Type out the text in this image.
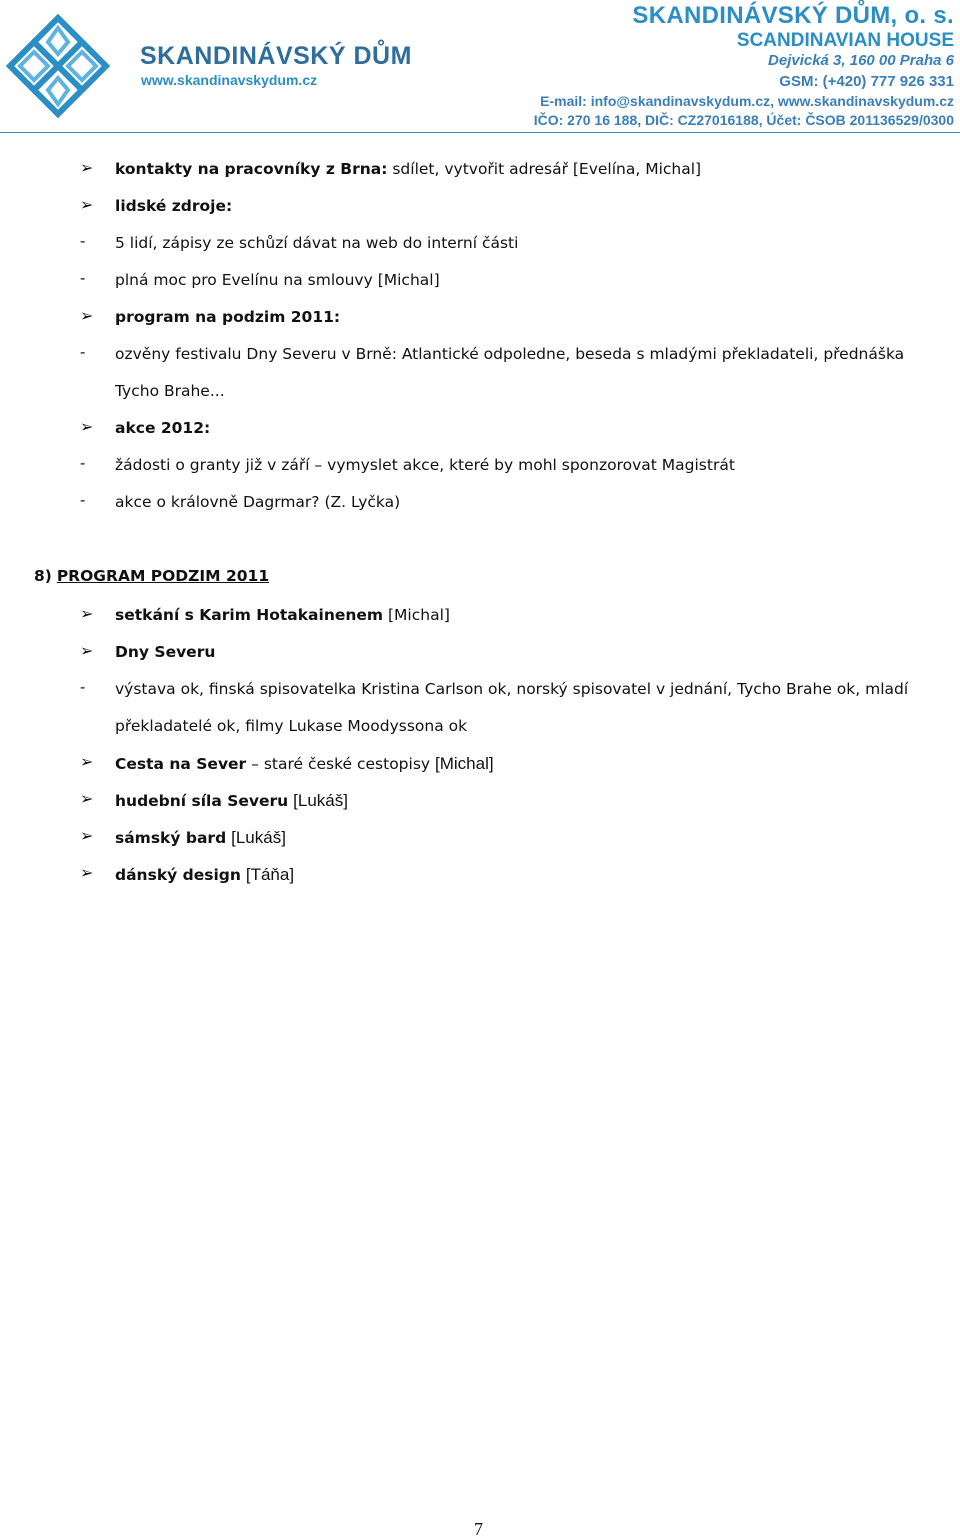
SKANDINÁVSKÝ DŮM
www.skandinavskydum.cz
SKANDINÁVSKÝ DŮM, o. s.
SCANDINAVIAN HOUSE
Dejvická 3, 160 00 Praha 6
GSM: (+420) 777 926 331
E-mail: info@skandinavskydum.cz, www.skandinavskydum.cz
IČO: 270 16 188, DIČ: CZ27016188, Účet: ČSOB 201136529/0300
➢ kontakty na pracovníky z Brna: sdílet, vytvořit adresář [Evelína, Michal]
➢ lidské zdroje:
- 5 lidí, zápisy ze schůzí dávat na web do interní části
- plná moc pro Evelínu na smlouvy [Michal]
➢ program na podzim 2011:
- ozvěny festivalu Dny Severu v Brně: Atlantické odpoledne, beseda s mladými překladateli, přednáška
Tycho Brahe...
➢ akce 2012:
- žádosti o granty již v září – vymyslet akce, které by mohl sponzorovat Magistrát
- akce o královně Dagrmar? (Z. Lyčka)
8) PROGRAM PODZIM 2011
➢ setkání s Karim Hotakainenem [Michal]
➢ Dny Severu
- výstava ok, finská spisovatelka Kristina Carlson ok, norský spisovatel v jednání, Tycho Brahe ok, mladí
překladatelé ok, filmy Lukase Moodyssona ok
➢ Cesta na Sever – staré české cestopisy [Michal]
➢ hudební síla Severu [Lukáš]
➢ sámský bard [Lukáš]
➢ dánský design [Táňa]
7
